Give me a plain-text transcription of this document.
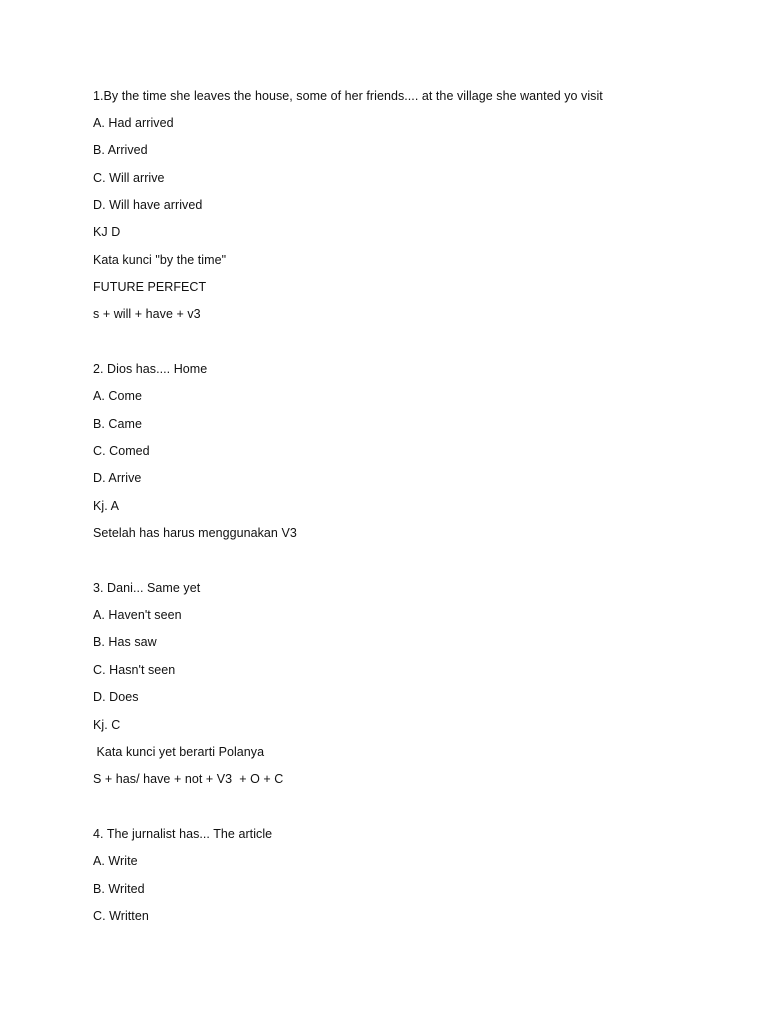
1.By the time she leaves the house, some of her friends.... at the village she wanted yo visit
A. Had arrived
B. Arrived
C. Will arrive
D. Will have arrived
KJ D
Kata kunci "by the time"
FUTURE PERFECT
s + will + have + v3
2. Dios has.... Home
A. Come
B. Came
C. Comed
D. Arrive
Kj. A
Setelah has harus menggunakan V3
3. Dani... Same yet
A. Haven't seen
B. Has saw
C. Hasn't seen
D. Does
Kj. C
Kata kunci yet berarti Polanya
S + has/ have + not + V3  + O + C
4. The jurnalist has... The article
A. Write
B. Writed
C. Written
